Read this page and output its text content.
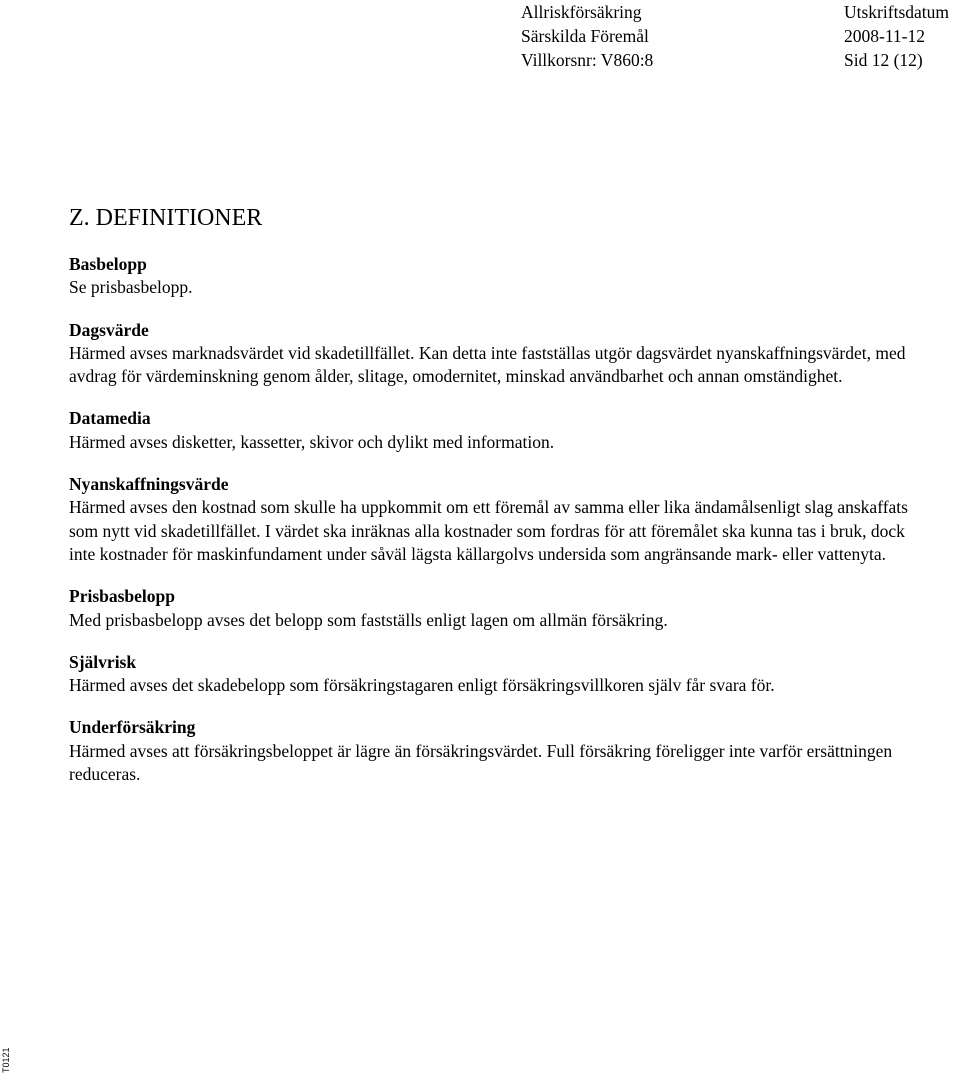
Allriskförsäkring	Utskriftsdatum
Särskilda Föremål	2008-11-12
Villkorsnr: V860:8	Sid 12 (12)
Z. DEFINITIONER
Basbelopp
Se prisbasbelopp.
Dagsvärde
Härmed avses marknadsvärdet vid skadetillfället. Kan detta inte fastställas utgör dagsvärdet nyanskaffningsvärdet, med avdrag för värdeminskning genom ålder, slitage, omodernitet, minskad användbarhet och annan omständighet.
Datamedia
Härmed avses disketter, kassetter, skivor och dylikt med information.
Nyanskaffningsvärde
Härmed avses den kostnad som skulle ha uppkommit om ett föremål av samma eller lika ändamålsenligt slag anskaffats som nytt vid skadetillfället. I värdet ska inräknas alla kostnader som fordras för att föremålet ska kunna tas i bruk, dock inte kostnader för maskinfundament under såväl lägsta källargolvs undersida som angränsande mark- eller vattenyta.
Prisbasbelopp
Med prisbasbelopp avses det belopp som fastställs enligt lagen om allmän försäkring.
Självrisk
Härmed avses det skadebelopp som försäkringstagaren enligt försäkringsvillkoren själv får svara för.
Underförsäkring
Härmed avses att försäkringsbeloppet är lägre än försäkringsvärdet. Full försäkring föreligger inte varför ersättningen reduceras.
T0121
